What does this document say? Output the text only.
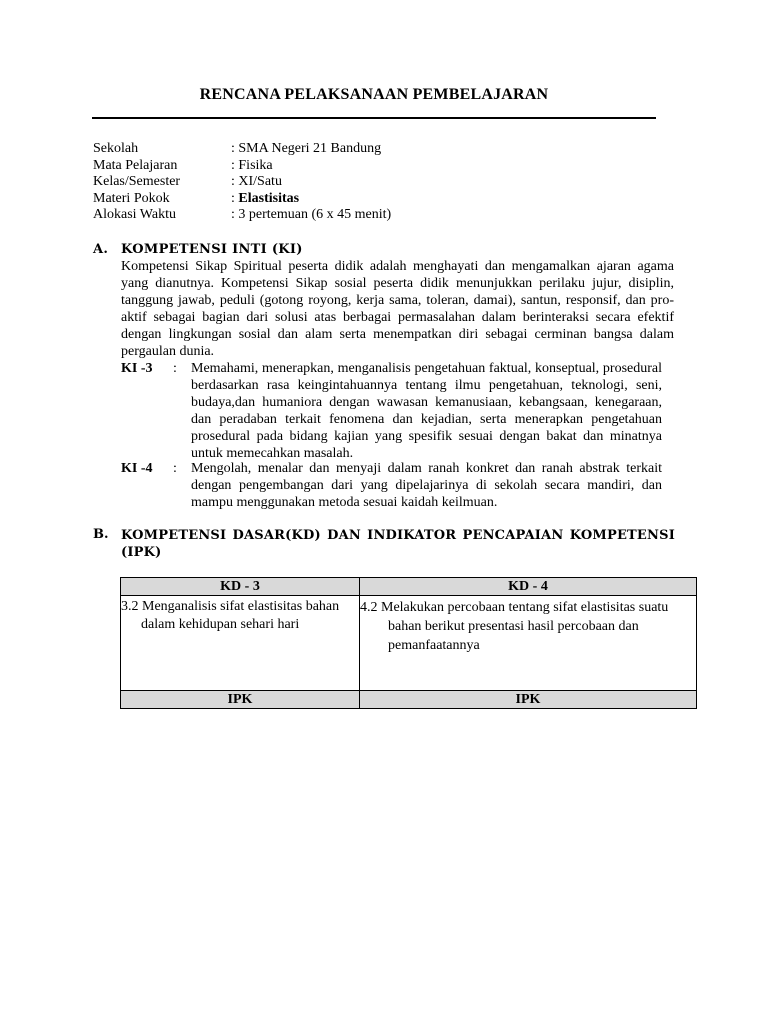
RENCANA PELAKSANAAN PEMBELAJARAN
Sekolah	: SMA Negeri 21 Bandung
Mata Pelajaran	: Fisika
Kelas/Semester	: XI/Satu
Materi Pokok	: Elastisitas
Alokasi Waktu	: 3 pertemuan (6 x 45 menit)
A. KOMPETENSI INTI (KI)
Kompetensi Sikap Spiritual peserta didik adalah menghayati dan mengamalkan ajaran agama yang dianutnya. Kompetensi Sikap sosial peserta didik menunjukkan perilaku jujur, disiplin, tanggung jawab, peduli (gotong royong, kerja sama, toleran, damai), santun, responsif, dan pro-aktif sebagai bagian dari solusi atas berbagai permasalahan dalam berinteraksi secara efektif dengan lingkungan sosial dan alam serta menempatkan diri sebagai cerminan bangsa dalam pergaulan dunia.
KI -3 : Memahami, menerapkan, menganalisis pengetahuan faktual, konseptual, prosedural berdasarkan rasa keingintahuannya tentang ilmu pengetahuan, teknologi, seni, budaya,dan humaniora dengan wawasan kemanusiaan, kebangsaan, kenegaraan, dan peradaban terkait fenomena dan kejadian, serta menerapkan pengetahuan prosedural pada bidang kajian yang spesifik sesuai dengan bakat dan minatnya untuk memecahkan masalah.
KI -4 : Mengolah, menalar dan menyaji dalam ranah konkret dan ranah abstrak terkait dengan pengembangan dari yang dipelajarinya di sekolah secara mandiri, dan mampu menggunakan metoda sesuai kaidah keilmuan.
B. KOMPETENSI DASAR(KD) DAN INDIKATOR PENCAPAIAN KOMPETENSI (IPK)
KD - 3	KD - 4

3.2 Menganalisis sifat elastisitas bahan dalam kehidupan sehari hari	4.2 Melakukan percobaan tentang sifat elastisitas suatu bahan berikut presentasi hasil percobaan dan pemanfaatannya

IPK	IPK
